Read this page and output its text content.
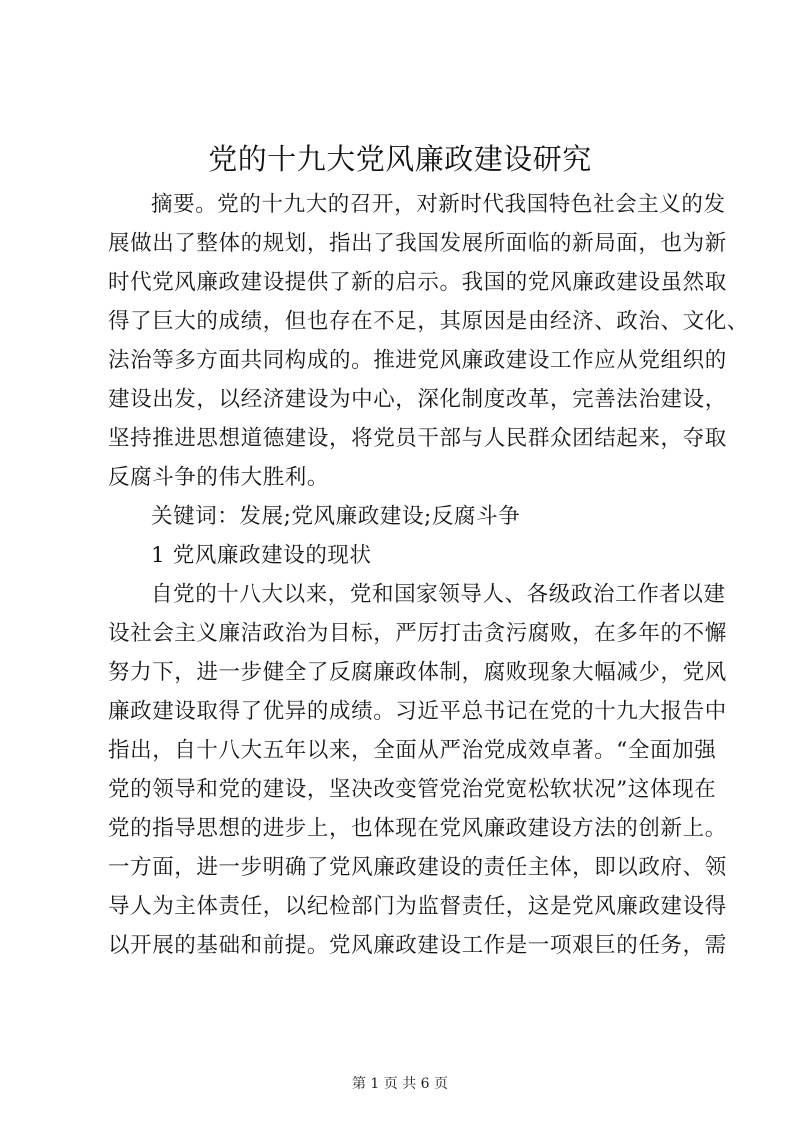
党的十九大党风廉政建设研究
摘要。党的十九大的召开，对新时代我国特色社会主义的发
展做出了整体的规划，指出了我国发展所面临的新局面，也为新
时代党风廉政建设提供了新的启示。我国的党风廉政建设虽然取
得了巨大的成绩，但也存在不足，其原因是由经济、政治、文化、
法治等多方面共同构成的。推进党风廉政建设工作应从党组织的
建设出发，以经济建设为中心，深化制度改革，完善法治建设，
坚持推进思想道德建设，将党员干部与人民群众团结起来，夺取
反腐斗争的伟大胜利。
关键词：发展;党风廉政建设;反腐斗争
1 党风廉政建设的现状
自党的十八大以来，党和国家领导人、各级政治工作者以建
设社会主义廉洁政治为目标，严厉打击贪污腐败，在多年的不懈
努力下，进一步健全了反腐廉政体制，腐败现象大幅减少，党风
廉政建设取得了优异的成绩。习近平总书记在党的十九大报告中
指出，自十八大五年以来，全面从严治党成效卓著。“全面加强
党的领导和党的建设，坚决改变管党治党宽松软状况”这体现在
党的指导思想的进步上，也体现在党风廉政建设方法的创新上。
一方面，进一步明确了党风廉政建设的责任主体，即以政府、领
导人为主体责任，以纪检部门为监督责任，这是党风廉政建设得
以开展的基础和前提。党风廉政建设工作是一项艰巨的任务，需
第 1 页 共 6 页
